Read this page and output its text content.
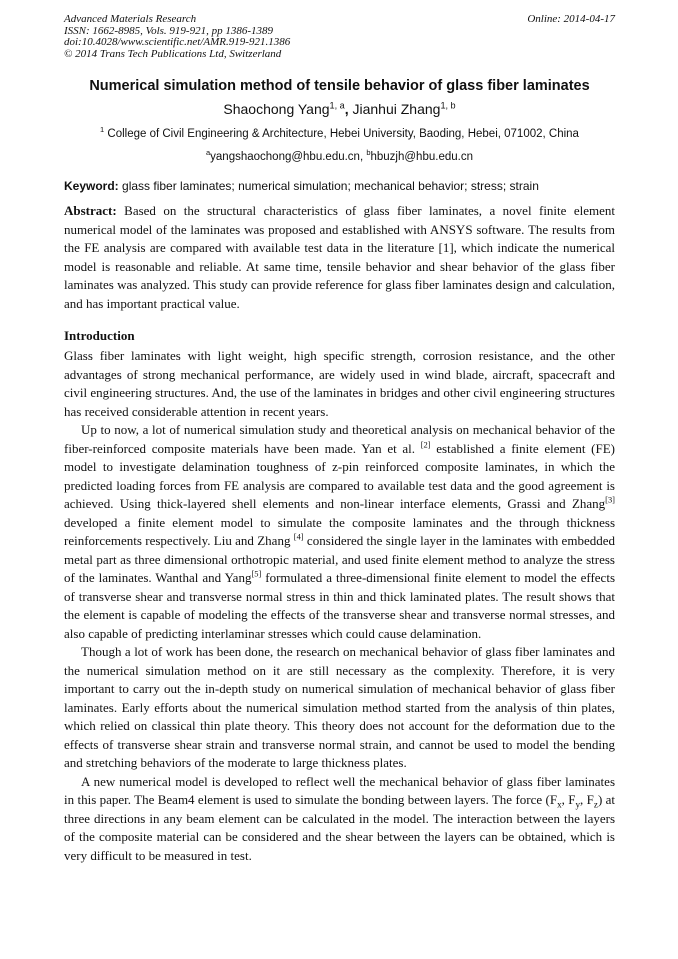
Advanced Materials Research
ISSN: 1662-8985, Vols. 919-921, pp 1386-1389
doi:10.4028/www.scientific.net/AMR.919-921.1386
© 2014 Trans Tech Publications Ltd, Switzerland
Online: 2014-04-17
Numerical simulation method of tensile behavior of glass fiber laminates
Shaochong Yang$^{1, a}$, Jianhui Zhang$^{1, b}$
$^1$ College of Civil Engineering & Architecture, Hebei University, Baoding, Hebei, 071002, China
$^a$yangshaochong@hbu.edu.cn, $^b$hbuzjh@hbu.edu.cn
Keyword: glass fiber laminates; numerical simulation; mechanical behavior; stress; strain
Abstract: Based on the structural characteristics of glass fiber laminates, a novel finite element numerical model of the laminates was proposed and established with ANSYS software. The results from the FE analysis are compared with available test data in the literature [1], which indicate the numerical model is reasonable and reliable. At same time, tensile behavior and shear behavior of the glass fiber laminates was analyzed. This study can provide reference for glass fiber laminates design and calculation, and has important practical value.
Introduction
Glass fiber laminates with light weight, high specific strength, corrosion resistance, and the other advantages of strong mechanical performance, are widely used in wind blade, aircraft, spacecraft and civil engineering structures. And, the use of the laminates in bridges and other civil engineering structures has received considerable attention in recent years.
Up to now, a lot of numerical simulation study and theoretical analysis on mechanical behavior of the fiber-reinforced composite materials have been made. Yan et al. [2] established a finite element (FE) model to investigate delamination toughness of z-pin reinforced composite laminates, in which the predicted loading forces from FE analysis are compared to available test data and the good agreement is achieved. Using thick-layered shell elements and non-linear interface elements, Grassi and Zhang[3] developed a finite element model to simulate the composite laminates and the through thickness reinforcements respectively. Liu and Zhang [4] considered the single layer in the laminates with embedded metal part as three dimensional orthotropic material, and used finite element method to analyze the stress of the laminates. Wanthal and Yang[5] formulated a three-dimensional finite element to model the effects of transverse shear and transverse normal stress in thin and thick laminated plates. The result shows that the element is capable of modeling the effects of the transverse shear and transverse normal stresses, and also capable of predicting interlaminar stresses which could cause delamination.
Though a lot of work has been done, the research on mechanical behavior of glass fiber laminates and the numerical simulation method on it are still necessary as the complexity. Therefore, it is very important to carry out the in-depth study on numerical simulation of mechanical behavior of glass fiber laminates. Early efforts about the numerical simulation method started from the analysis of thin plates, which relied on classical thin plate theory. This theory does not account for the deformation due to the effects of transverse shear strain and transverse normal strain, and cannot be used to model the bending and stretching behaviors of the moderate to large thickness plates.
A new numerical model is developed to reflect well the mechanical behavior of glass fiber laminates in this paper. The Beam4 element is used to simulate the bonding between layers. The force ($F_x$, $F_y$, $F_z$) at three directions in any beam element can be calculated in the model. The interaction between the layers of the composite material can be considered and the shear between the layers can be obtained, which is very difficult to be measured in test.
